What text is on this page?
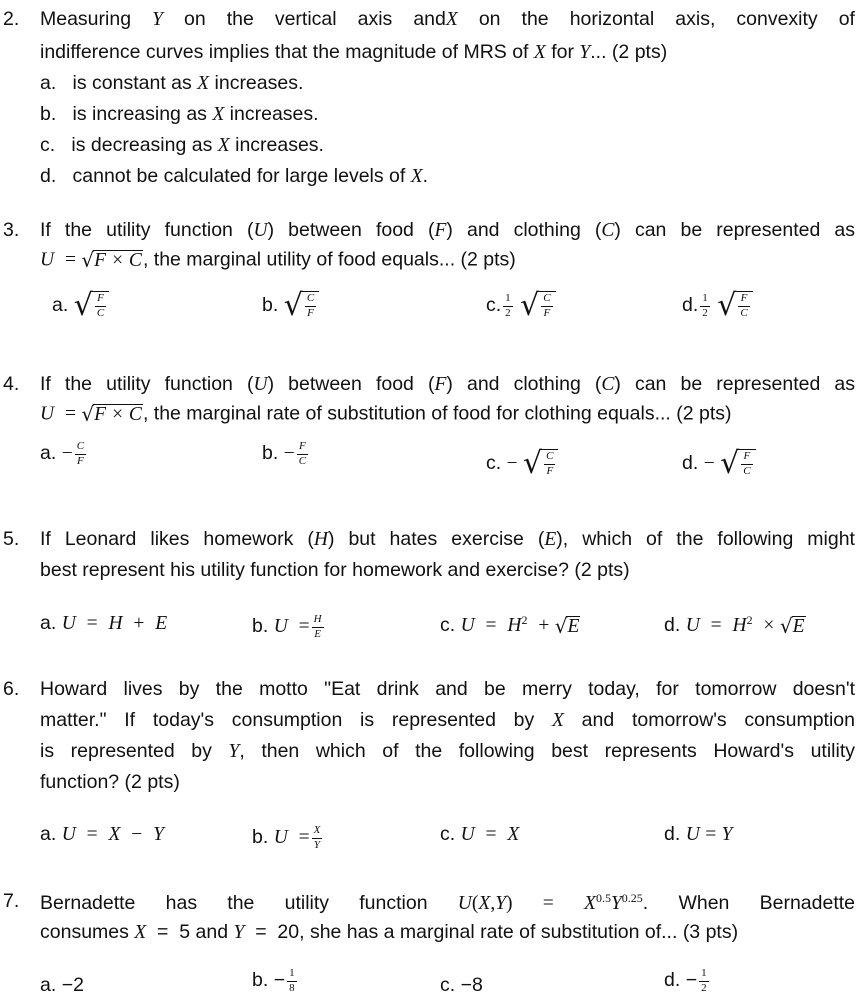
2. Measuring Y on the vertical axis andX on the horizontal axis, convexity of
indifference curves implies that the magnitude of MRS of X for Y... (2 pts)
a.   is constant as X increases.
b.   is increasing as X increases.
c.   is decreasing as X increases.
d.   cannot be calculated for large levels of X.
3. If the utility function (U) between food (F) and clothing (C) can be represented as
U = √ F × C , the marginal utility of food equals... (2 pts)
a. √ $\frac{F}{C}$	b. √ $\frac{C}{F}$	c. $\frac{1}{2}$
√ $\frac{C}{F}$	d. $\frac{1}{2}$
√ $\frac{F}{C}$
4. If the utility function (U) between food (F) and clothing (C) can be represented as
U = √ F × C , the marginal rate of substitution of food for clothing equals... (2 pts)
a. − $\frac{C}{F}$	b. − $\frac{F}{C}$	c. − √ $\frac{C}{F}$	d. − √ $\frac{F}{C}$
5. If Leonard likes homework (H) but hates exercise (E), which of the following might
best represent his utility function for homework and exercise? (2 pts)
a. U = H + E	b. $U = \frac{H}{E}$	c. $U = H^2$ + √ E	d. $U = H^2$ × √ E
6. Howard lives by the motto "Eat drink and be merry today, for tomorrow doesn't
matter." If today's consumption is represented by X and tomorrow's consumption
is represented by Y, then which of the following best represents Howard's utility
function? (2 pts)
a. U = X − Y	b. $U = \frac{X}{Y}$	c. U = X	d. U = Y
7. Bernadette has the utility function $U(X,Y) = X^{0.5}Y^{0.25}$. When Bernadette
consumes X  =  5 and Y  =  20, she has a marginal rate of substitution of... (3 pts)
a. −2	b. − $\frac{1}{8}$	c. −8	d. − $\frac{1}{2}$
